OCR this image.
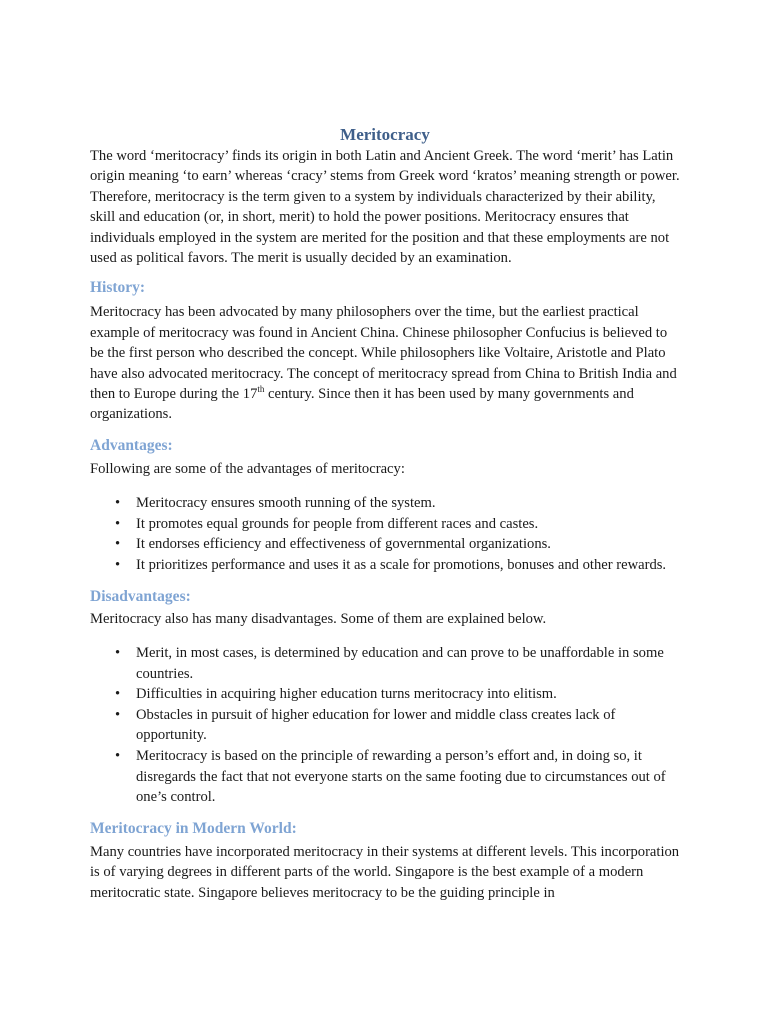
Meritocracy

The word ‘meritocracy’ finds its origin in both Latin and Ancient Greek. The word ‘merit’ has Latin origin meaning ‘to earn’ whereas ‘cracy’ stems from Greek word ‘kratos’ meaning strength or power. Therefore, meritocracy is the term given to a system by individuals characterized by their ability, skill and education (or, in short, merit) to hold the power positions. Meritocracy ensures that individuals employed in the system are merited for the position and that these employments are not used as political favors. The merit is usually decided by an examination.

History:

Meritocracy has been advocated by many philosophers over the time, but the earliest practical example of meritocracy was found in Ancient China. Chinese philosopher Confucius is believed to be the first person who described the concept. While philosophers like Voltaire, Aristotle and Plato have also advocated meritocracy. The concept of meritocracy spread from China to British India and then to Europe during the 17th century. Since then it has been used by many governments and organizations.

Advantages:

Following are some of the advantages of meritocracy:

• Meritocracy ensures smooth running of the system.
• It promotes equal grounds for people from different races and castes.
• It endorses efficiency and effectiveness of governmental organizations.
• It prioritizes performance and uses it as a scale for promotions, bonuses and other rewards.
Disadvantages:

Meritocracy also has many disadvantages. Some of them are explained below.

• Merit, in most cases, is determined by education and can prove to be unaffordable in some countries.
• Difficulties in acquiring higher education turns meritocracy into elitism.
• Obstacles in pursuit of higher education for lower and middle class creates lack of opportunity.
• Meritocracy is based on the principle of rewarding a person’s effort and, in doing so, it disregards the fact that not everyone starts on the same footing due to circumstances out of one’s control.
Meritocracy in Modern World:

Many countries have incorporated meritocracy in their systems at different levels. This incorporation is of varying degrees in different parts of the world. Singapore is the best example of a modern meritocratic state. Singapore believes meritocracy to be the guiding principle in
